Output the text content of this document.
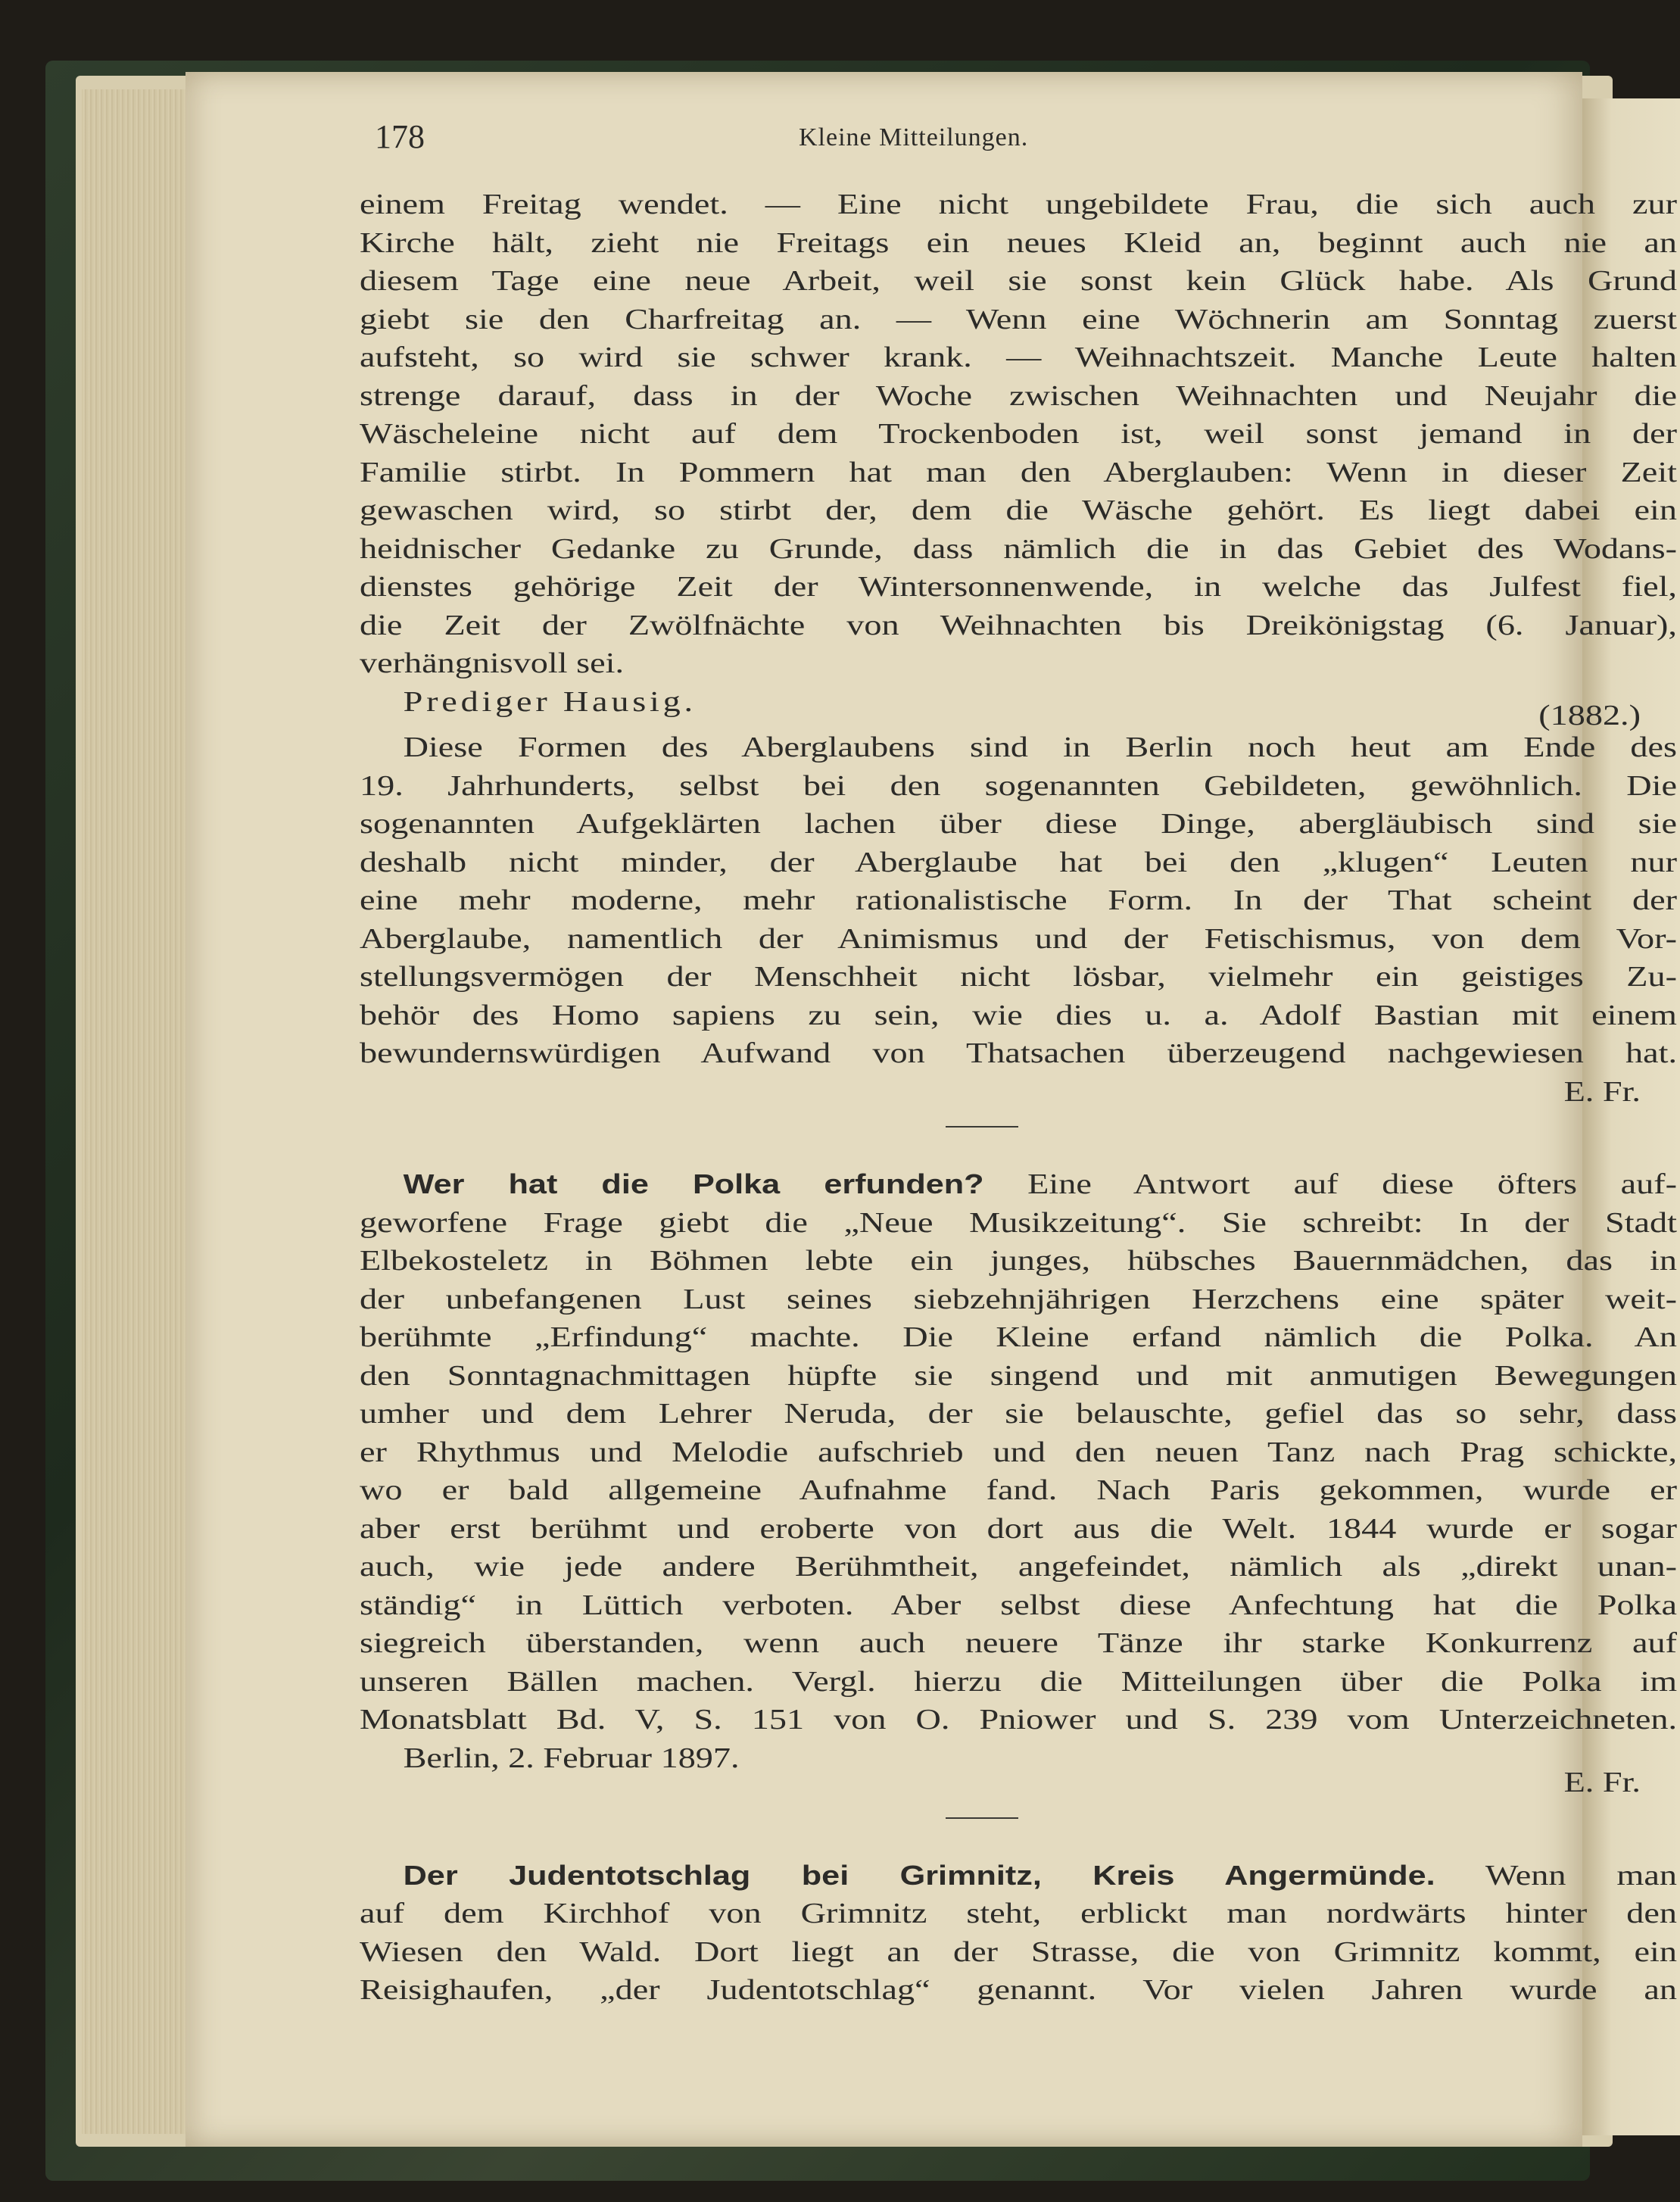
178	Kleine Mitteilungen.
einem Freitag wendet. — Eine nicht ungebildete Frau, die sich auch zur
Kirche hält, zieht nie Freitags ein neues Kleid an, beginnt auch nie an
diesem Tage eine neue Arbeit, weil sie sonst kein Glück habe. Als Grund
giebt sie den Charfreitag an. — Wenn eine Wöchnerin am Sonntag zuerst
aufsteht, so wird sie schwer krank. — Weihnachtszeit. Manche Leute halten
strenge darauf, dass in der Woche zwischen Weihnachten und Neujahr die
Wäscheleine nicht auf dem Trockenboden ist, weil sonst jemand in der
Familie stirbt. In Pommern hat man den Aberglauben: Wenn in dieser Zeit
gewaschen wird, so stirbt der, dem die Wäsche gehört. Es liegt dabei ein
heidnischer Gedanke zu Grunde, dass nämlich die in das Gebiet des Wodans-
dienstes gehörige Zeit der Wintersonnenwende, in welche das Julfest fiel,
die Zeit der Zwölfnächte von Weihnachten bis Dreikönigstag (6. Januar),
verhängnisvoll sei.
Prediger Hausig.	(1882.)
Diese Formen des Aberglaubens sind in Berlin noch heut am Ende des
19. Jahrhunderts, selbst bei den sogenannten Gebildeten, gewöhnlich. Die
sogenannten Aufgeklärten lachen über diese Dinge, abergläubisch sind sie
deshalb nicht minder, der Aberglaube hat bei den „klugen“ Leuten nur
eine mehr moderne, mehr rationalistische Form. In der That scheint der
Aberglaube, namentlich der Animismus und der Fetischismus, von dem Vor-
stellungsvermögen der Menschheit nicht lösbar, vielmehr ein geistiges Zu-
behör des Homo sapiens zu sein, wie dies u. a. Adolf Bastian mit einem
bewundernswürdigen Aufwand von Thatsachen überzeugend nachgewiesen hat.
E. Fr.
Wer hat die Polka erfunden? Eine Antwort auf diese öfters auf-
geworfene Frage giebt die „Neue Musikzeitung“. Sie schreibt: In der Stadt
Elbekosteletz in Böhmen lebte ein junges, hübsches Bauernmädchen, das in
der unbefangenen Lust seines siebzehnjährigen Herzchens eine später weit-
berühmte „Erfindung“ machte. Die Kleine erfand nämlich die Polka. An
den Sonntagnachmittagen hüpfte sie singend und mit anmutigen Bewegungen
umher und dem Lehrer Neruda, der sie belauschte, gefiel das so sehr, dass
er Rhythmus und Melodie aufschrieb und den neuen Tanz nach Prag schickte,
wo er bald allgemeine Aufnahme fand. Nach Paris gekommen, wurde er
aber erst berühmt und eroberte von dort aus die Welt. 1844 wurde er sogar
auch, wie jede andere Berühmtheit, angefeindet, nämlich als „direkt unan-
ständig“ in Lüttich verboten. Aber selbst diese Anfechtung hat die Polka
siegreich überstanden, wenn auch neuere Tänze ihr starke Konkurrenz auf
unseren Bällen machen. Vergl. hierzu die Mitteilungen über die Polka im
Monatsblatt Bd. V, S. 151 von O. Pniower und S. 239 vom Unterzeichneten.
Berlin, 2. Februar 1897.
E. Fr.
Der Judentotschlag bei Grimnitz, Kreis Angermünde. Wenn man
auf dem Kirchhof von Grimnitz steht, erblickt man nordwärts hinter den
Wiesen den Wald. Dort liegt an der Strasse, die von Grimnitz kommt, ein
Reisighaufen, „der Judentotschlag“ genannt. Vor vielen Jahren wurde an
